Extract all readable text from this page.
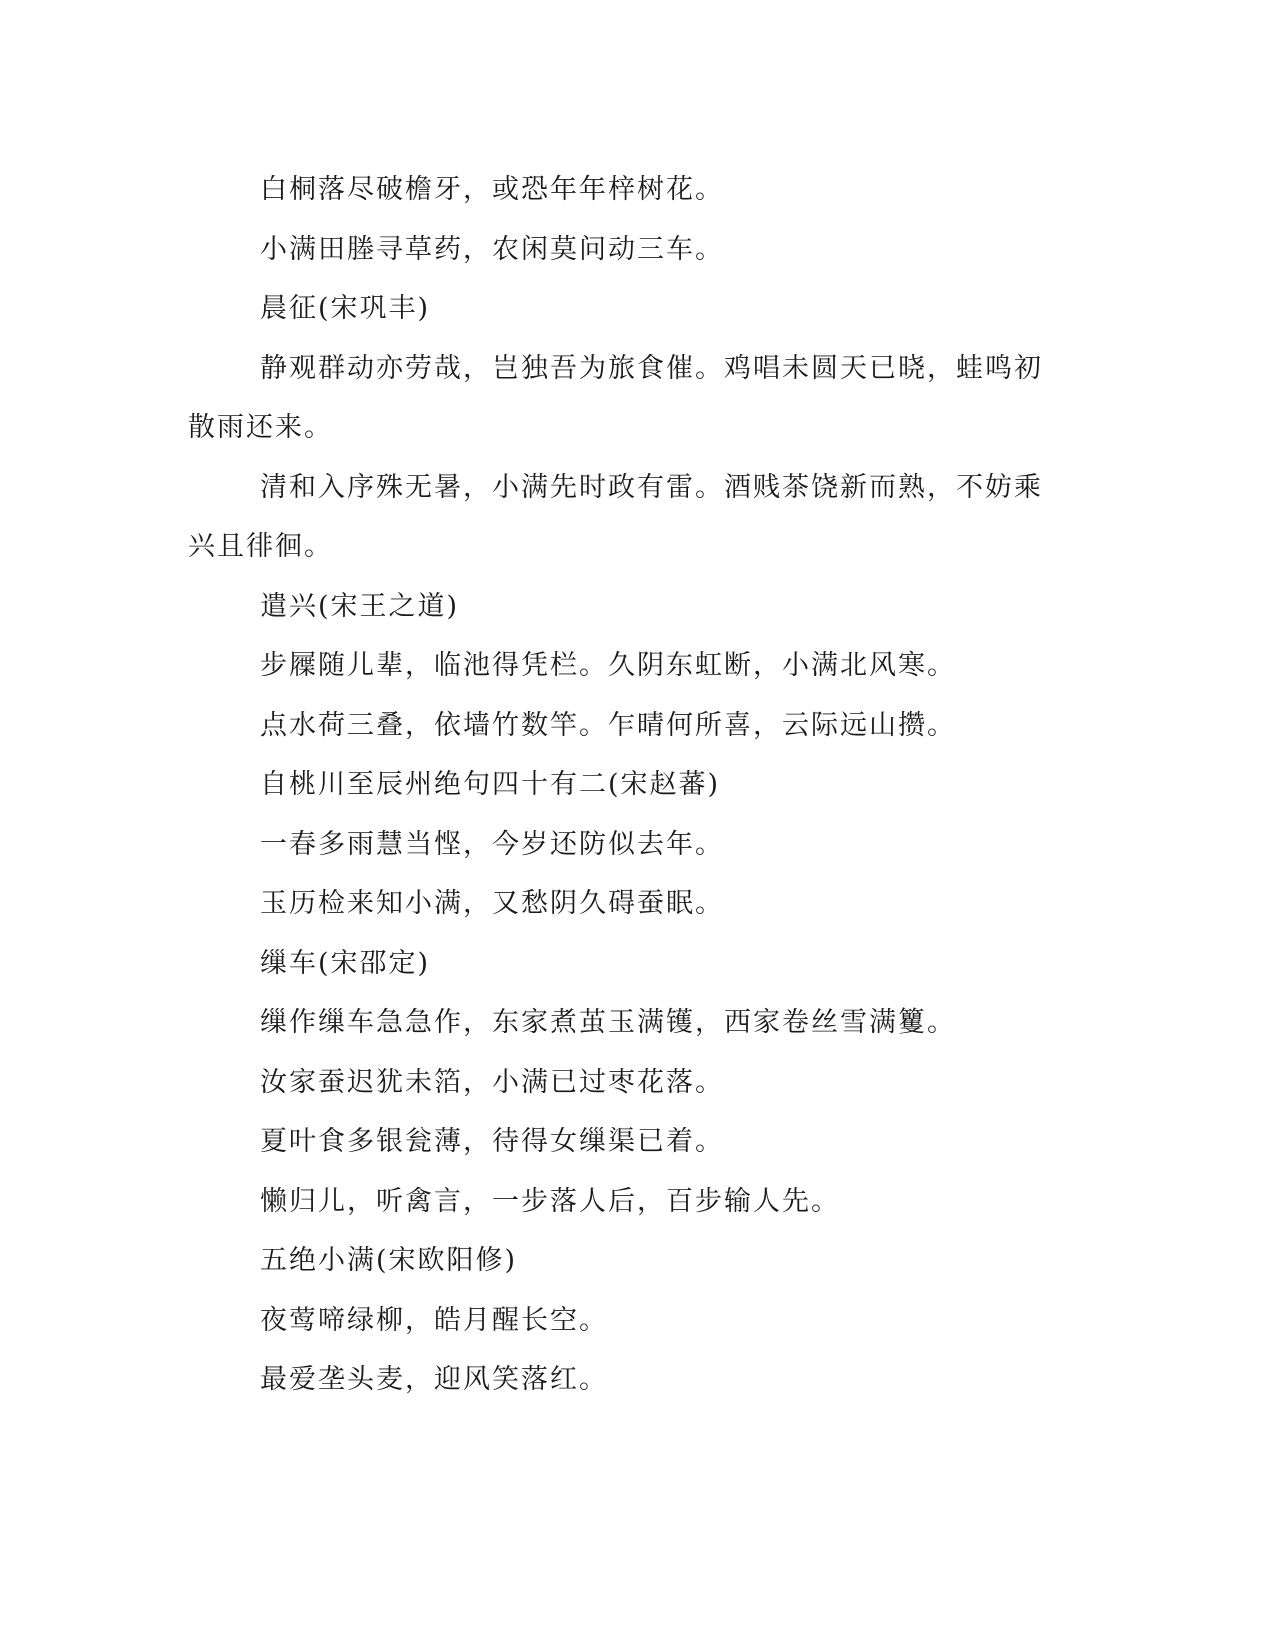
白桐落尽破檐牙，或恐年年梓树花。

小满田塍寻草药，农闲莫问动三车。

晨征(宋巩丰)

静观群动亦劳哉，岂独吾为旅食催。鸡唱未圆天已晓，蛙鸣初散雨还来。

清和入序殊无暑，小满先时政有雷。酒贱茶饶新而熟，不妨乘兴且徘徊。

遣兴(宋王之道)

步屧随儿辈，临池得凭栏。久阴东虹断，小满北风寒。

点水荷三叠，依墙竹数竿。乍晴何所喜，云际远山攒。

自桃川至辰州绝句四十有二(宋赵蕃)

一春多雨慧当悭，今岁还防似去年。

玉历检来知小满，又愁阴久碍蚕眠。

缫车(宋邵定)

缫作缫车急急作，东家煮茧玉满镬，西家卷丝雪满籰。

汝家蚕迟犹未箔，小满已过枣花落。

夏叶食多银瓮薄，待得女缫渠已着。

懒归儿，听禽言，一步落人后，百步输人先。

五绝小满(宋欧阳修)

夜莺啼绿柳，皓月醒长空。

最爱垄头麦，迎风笑落红。
